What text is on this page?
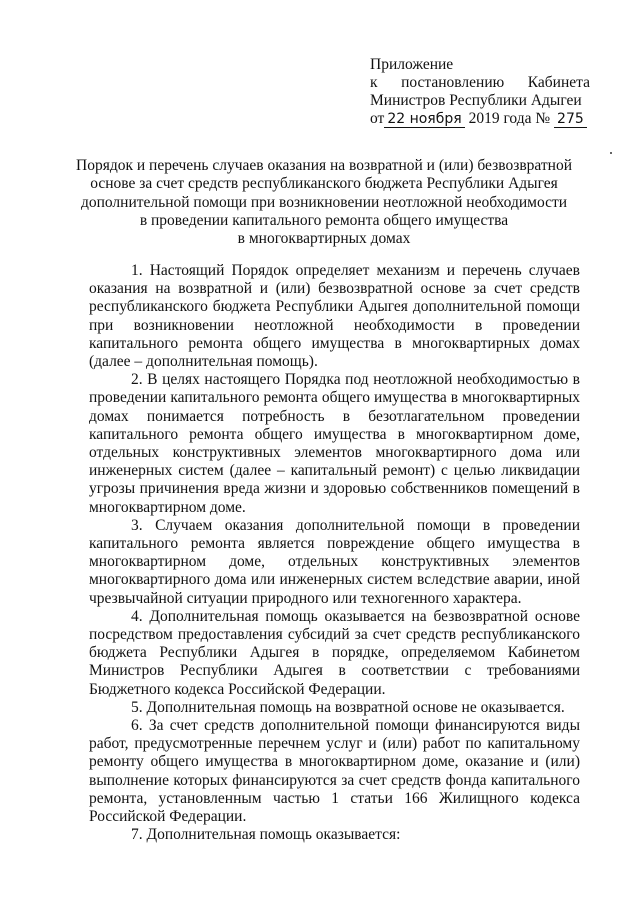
Приложение
к постановлению Кабинета
Министров Республики Адыгеи
от 22 ноября 2019 года № 275
Порядок и перечень случаев оказания на возвратной и (или) безвозвратной
основе за счет средств республиканского бюджета Республики Адыгея
дополнительной помощи при возникновении неотложной необходимости
в проведении капитального ремонта общего имущества
в многоквартирных домах

1. Настоящий Порядок определяет механизм и перечень случаев оказания на возвратной и (или) безвозвратной основе за счет средств республиканского бюджета Республики Адыгея дополнительной помощи при возникновении неотложной необходимости в проведении капитального ремонта общего имущества в многоквартирных домах (далее – дополнительная помощь).

2. В целях настоящего Порядка под неотложной необходимостью в проведении капитального ремонта общего имущества в многоквартирных домах понимается потребность в безотлагательном проведении капитального ремонта общего имущества в многоквартирном доме, отдельных конструктивных элементов многоквартирного дома или инженерных систем (далее – капитальный ремонт) с целью ликвидации угрозы причинения вреда жизни и здоровью собственников помещений в многоквартирном доме.

3. Случаем оказания дополнительной помощи в проведении капитального ремонта является повреждение общего имущества в многоквартирном доме, отдельных конструктивных элементов многоквартирного дома или инженерных систем вследствие аварии, иной чрезвычайной ситуации природного или техногенного характера.

4. Дополнительная помощь оказывается на безвозвратной основе посредством предоставления субсидий за счет средств республиканского бюджета Республики Адыгея в порядке, определяемом Кабинетом Министров Республики Адыгея в соответствии с требованиями Бюджетного кодекса Российской Федерации.

5. Дополнительная помощь на возвратной основе не оказывается.

6. За счет средств дополнительной помощи финансируются виды работ, предусмотренные перечнем услуг и (или) работ по капитальному ремонту общего имущества в многоквартирном доме, оказание и (или) выполнение которых финансируются за счет средств фонда капитального ремонта, установленным частью 1 статьи 166 Жилищного кодекса Российской Федерации.

7. Дополнительная помощь оказывается:
